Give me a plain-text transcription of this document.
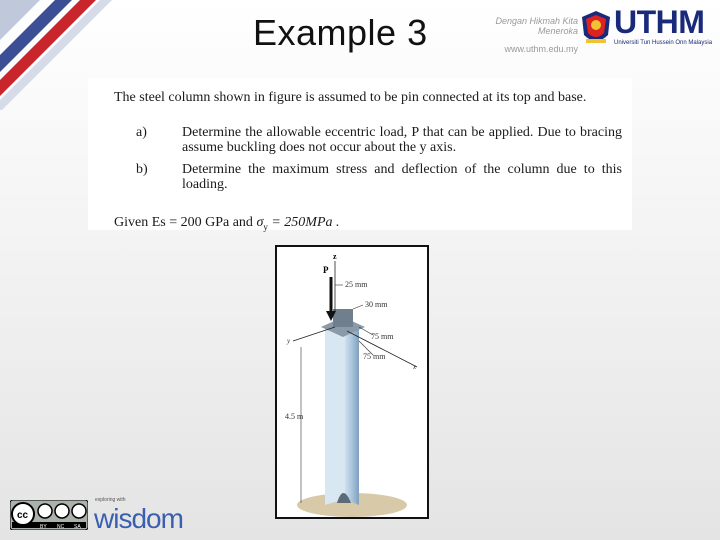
Example 3	Dengan Hikmah Kita Meneroka
www.uthm.edu.my
UTHM
Universiti Tun Hussein Onn Malaysia
The steel column shown in figure is assumed to be pin connected at its top and base.
a)	Determine the allowable eccentric load, P that can be applied. Due to bracing assume buckling does not occur about the y axis.
b)	Determine the maximum stress and deflection of the column due to this loading.
Given Es = 200 GPa and $\sigma_y = 250MPa$ .
z
P
25 mm
30 mm
75 mm
75 mm
y
x
4.5 m
cc
BY NC SA
exploring with
wisdom
